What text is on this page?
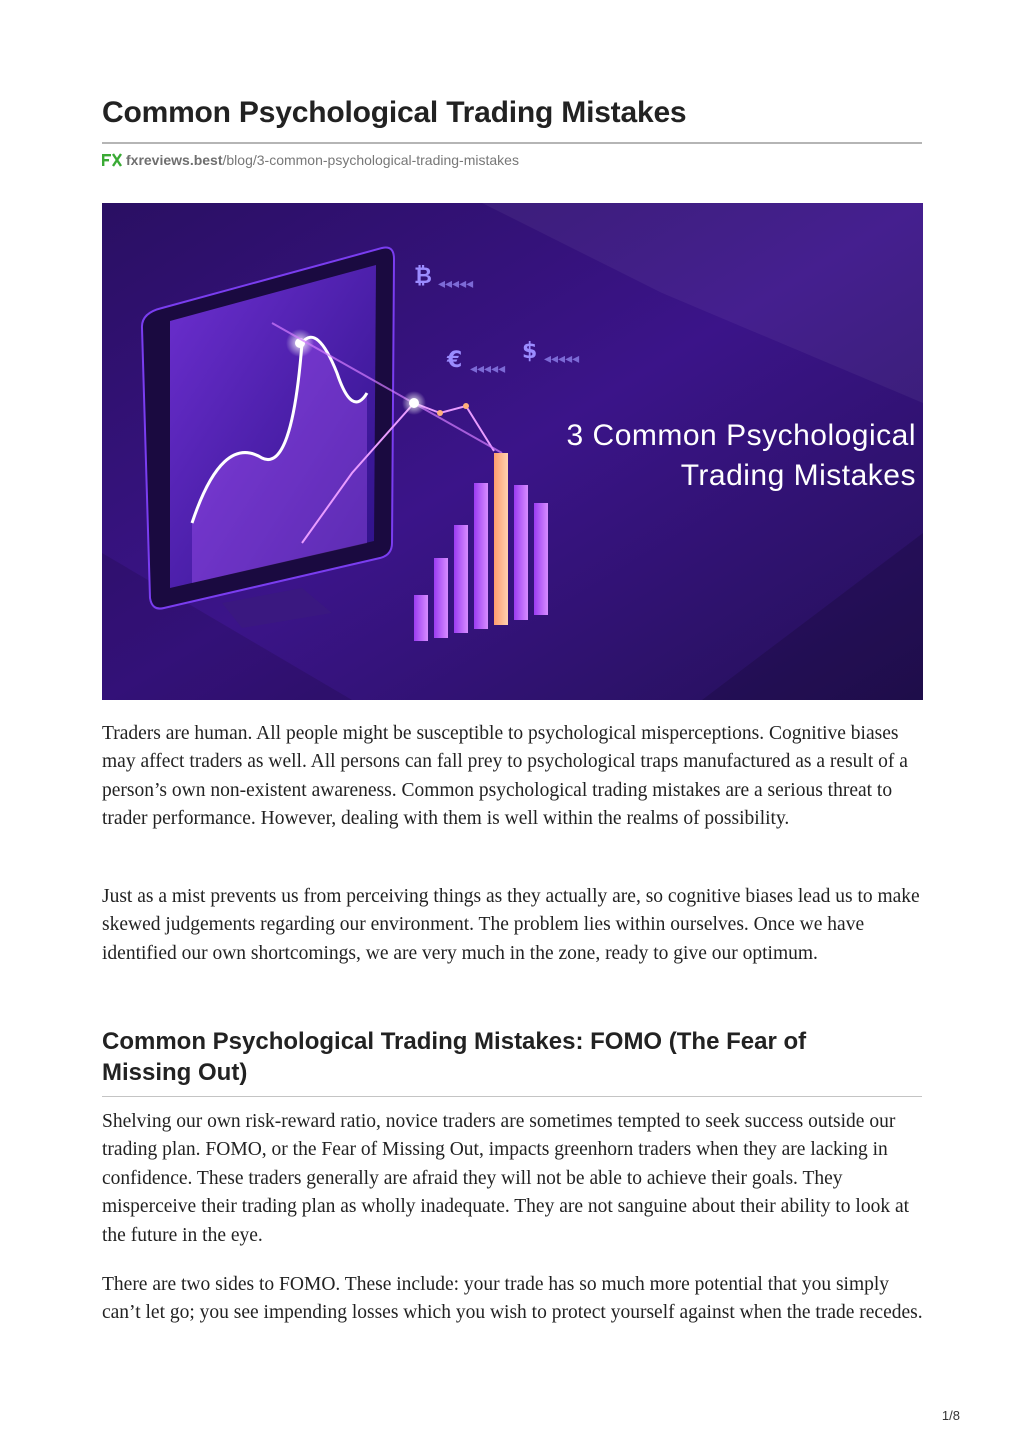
Common Psychological Trading Mistakes
fxreviews.best /blog/3-common-psychological-trading-mistakes
₿ ◂◂◂◂◂
€ ◂◂◂◂◂
$ ◂◂◂◂◂
3 Common Psychological
Trading Mistakes

Traders are human. All people might be susceptible to psychological misperceptions. Cognitive biases may affect traders as well. All persons can fall prey to psychological traps manufactured as a result of a person’s own non-existent awareness. Common psychological trading mistakes are a serious threat to trader performance. However, dealing with them is well within the realms of possibility.

Just as a mist prevents us from perceiving things as they actually are, so cognitive biases lead us to make skewed judgements regarding our environment. The problem lies within ourselves. Once we have identified our own shortcomings, we are very much in the zone, ready to give our optimum.

Common Psychological Trading Mistakes: FOMO (The Fear of Missing Out)

Shelving our own risk-reward ratio, novice traders are sometimes tempted to seek success outside our trading plan. FOMO, or the Fear of Missing Out, impacts greenhorn traders when they are lacking in confidence. These traders generally are afraid they will not be able to achieve their goals. They misperceive their trading plan as wholly inadequate. They are not sanguine about their ability to look at the future in the eye.

There are two sides to FOMO. These include: your trade has so much more potential that you simply can’t let go; you see impending losses which you wish to protect yourself against when the trade recedes.

1/8
